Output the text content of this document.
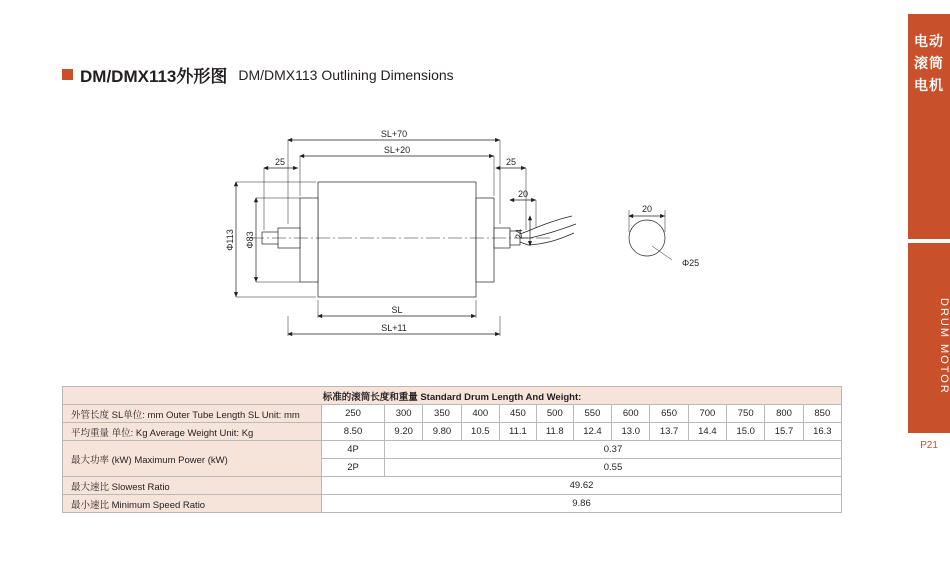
电动滚筒电机
DRUM MOTOR
P21
DM/DMX113外形图 DM/DMX113 Outlining Dimensions
SL+70
SL+20
25	25
20
24
Φ113 Φ83
SL
SL+11
20
Φ25
标准的滚筒长度和重量 Standard Drum Length And Weight:													
外管长度 SL单位: mm Outer Tube Length SL Unit: mm	250	300	350	400	450	500	550	600	650	700	750	800	850
平均重量 单位: Kg Average Weight Unit: Kg	8.50	9.20	9.80	10.5	11.1	11.8	12.4	13.0	13.7	14.4	15.0	15.7	16.3
最大功率 (kW) Maximum Power (kW)	4P	0.37											
	2P	0.55											
最大速比 Slowest Ratio	49.62												
最小速比 Minimum Speed Ratio	9.86												
